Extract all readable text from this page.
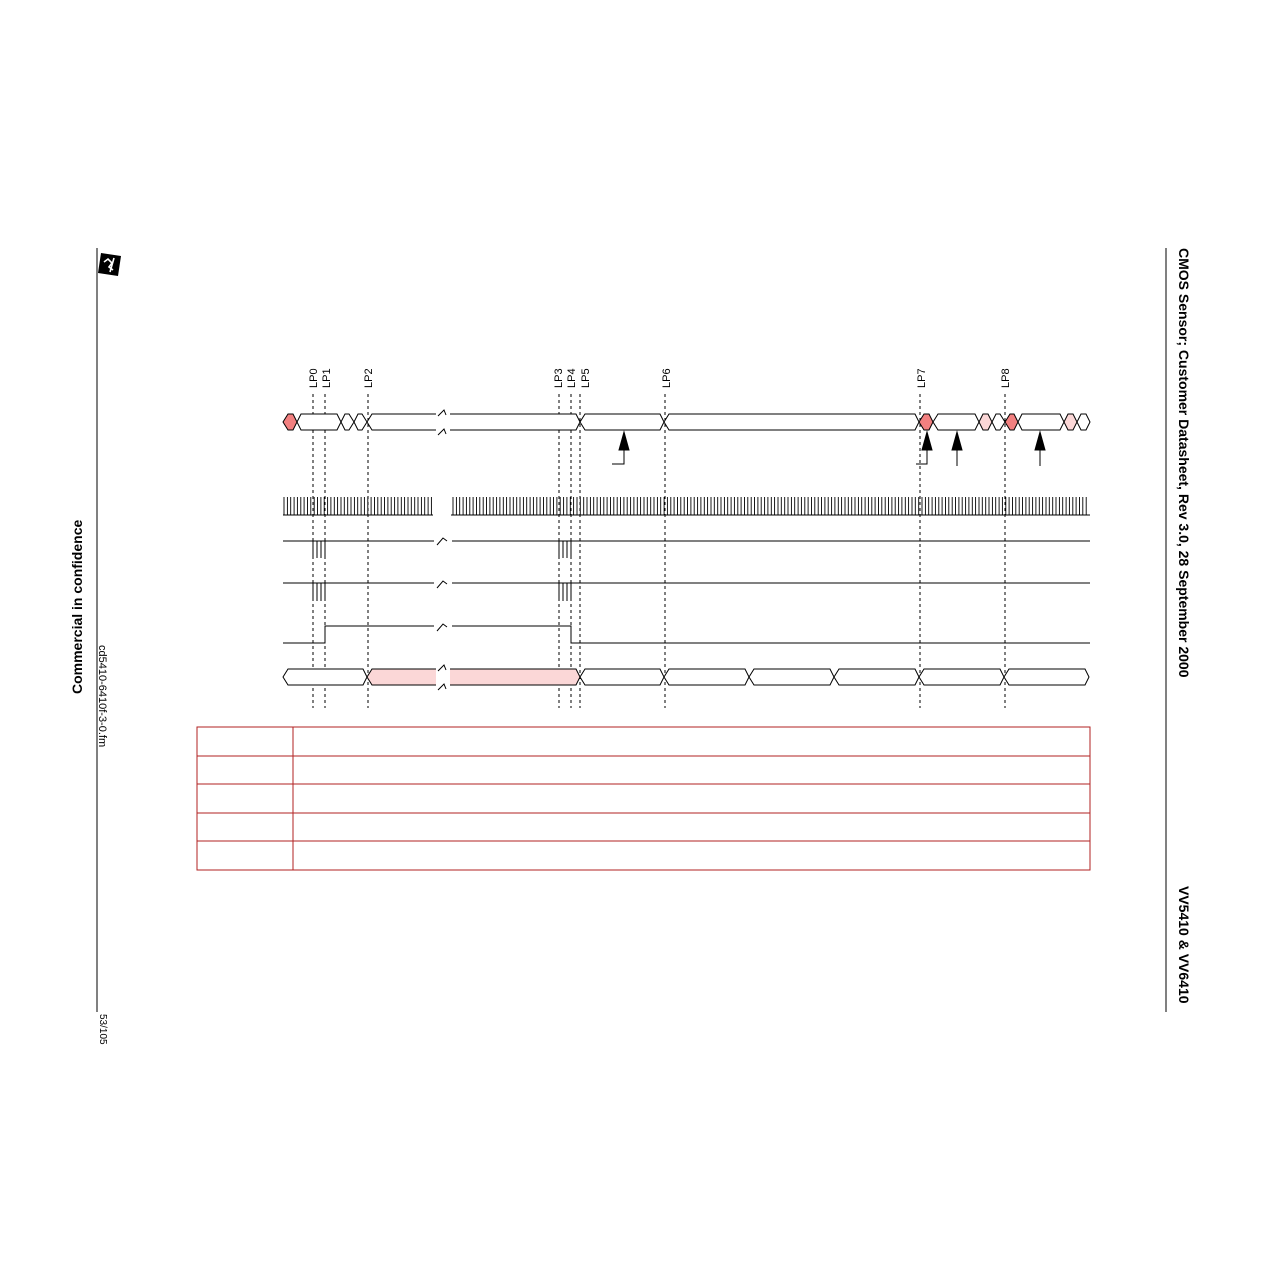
CMOS Sensor; Customer Datasheet, Rev 3.0, 28 September 2000
VV5410 & VV6410
Commercial in confidence
cd5410-6410f-3-0.fm
53/105
LP0 LP1	LP2	LP3 LP4 LP5	LP6	LP7	LP8
